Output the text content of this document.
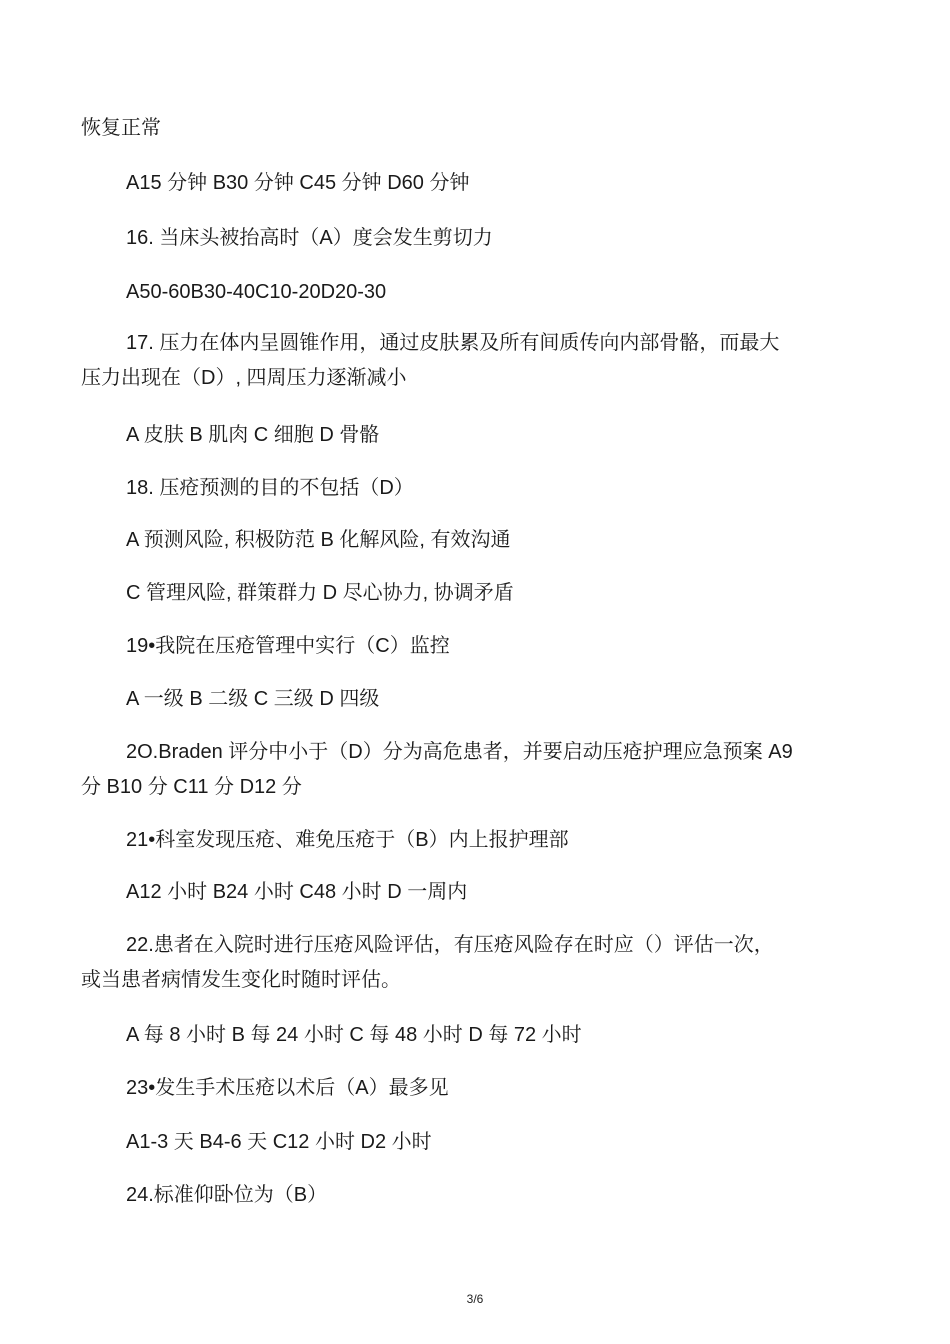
恢复正常
A15 分钟 B30 分钟 C45 分钟 D60 分钟
16. 当床头被抬高时（A）度会发生剪切力
A50-60B30-40C10-20D20-30
17. 压力在体内呈圆锥作用，通过皮肤累及所有间质传向内部骨骼，而最大
压力出现在（D）, 四周压力逐渐减小
A 皮肤 B 肌肉 C 细胞 D 骨骼
18. 压疮预测的目的不包括（D）
A 预测风险, 积极防范 B 化解风险, 有效沟通
C 管理风险, 群策群力 D 尽心协力, 协调矛盾
19•我院在压疮管理中实行（C）监控
A 一级 B 二级 C 三级 D 四级
2O.Braden 评分中小于（D）分为高危患者，并要启动压疮护理应急预案 A9
分 B10 分 C11 分 D12 分
21•科室发现压疮、难免压疮于（B）内上报护理部
A12 小时 B24 小时 C48 小时 D 一周内
22.患者在入院时进行压疮风险评估，有压疮风险存在时应（）评估一次，
或当患者病情发生变化时随时评估。
A 每 8 小时 B 每 24 小时 C 每 48 小时 D 每 72 小时
23•发生手术压疮以术后（A）最多见
A1-3 天 B4-6 天 C12 小时 D2 小时
24.标准仰卧位为（B）
3/6
